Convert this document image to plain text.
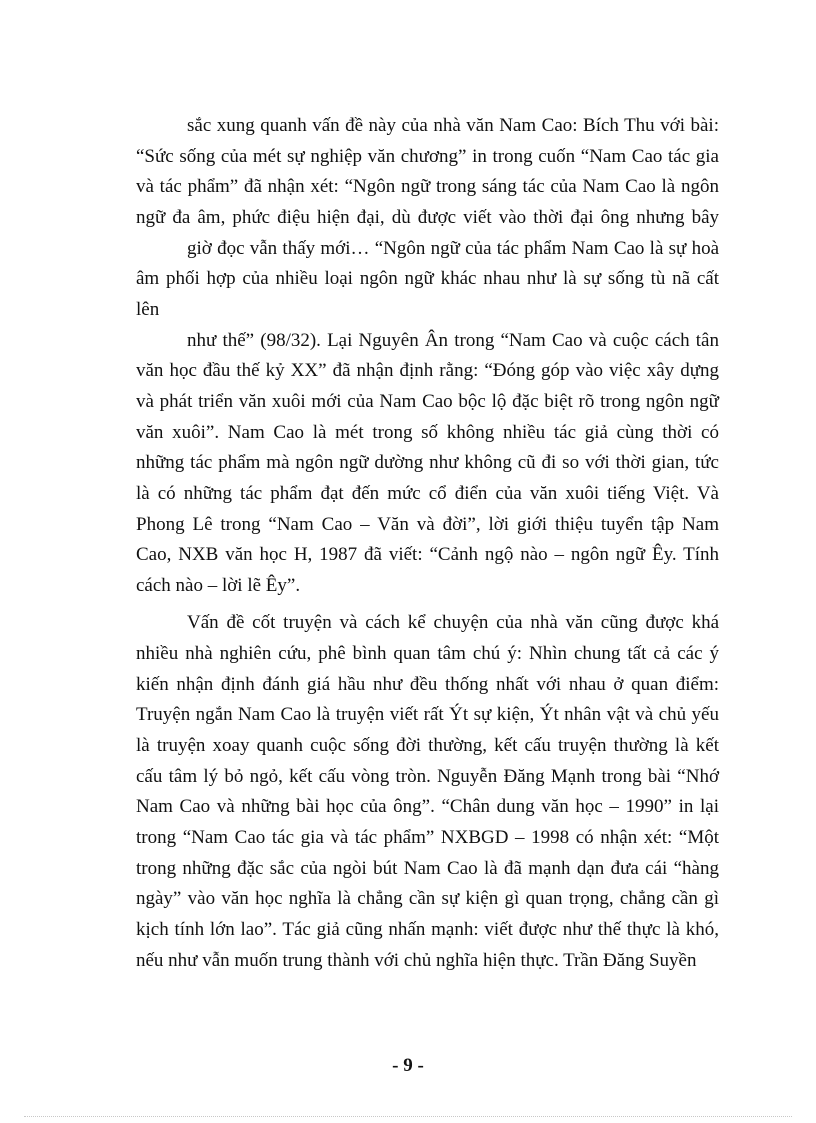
sắc xung quanh vấn đề này của nhà văn Nam Cao: Bích Thu với bài:
“Sức sống của mét sự nghiệp văn chương” in trong cuốn “Nam Cao tác gia
và tác phẩm” đã nhận xét: “Ngôn ngữ trong sáng tác của Nam Cao là ngôn
ngữ đa âm, phức điệu hiện đại, dù được viết vào thời đại ông nhưng bây
giờ đọc vẫn thấy mới… “Ngôn ngữ của tác phẩm Nam Cao là sự hoà
âm phối hợp của nhiều loại ngôn ngữ khác nhau như là sự sống tù nã cất
lên
như thế” (98/32). Lại Nguyên Ân trong “Nam Cao và cuộc cách tân
văn học đầu thế kỷ XX” đã nhận định rằng: “Đóng góp vào việc xây dựng
và phát triển văn xuôi mới của Nam Cao bộc lộ đặc biệt rõ trong ngôn ngữ
văn xuôi”. Nam Cao là mét trong số không nhiều tác giả cùng thời có
những tác phẩm mà ngôn ngữ dường như không cũ đi so với thời gian, tức
là có những tác phẩm đạt đến mức cổ điển của văn xuôi tiếng Việt. Và
Phong Lê trong “Nam Cao – Văn và đời”, lời giới thiệu tuyển tập Nam
Cao, NXB văn học H, 1987 đã viết: “Cảnh ngộ nào – ngôn ngữ Êy. Tính
cách nào – lời lẽ Êy”.
Vấn đề cốt truyện và cách kể chuyện của nhà văn cũng được khá
nhiều nhà nghiên cứu, phê bình quan tâm chú ý: Nhìn chung tất cả các ý
kiến nhận định đánh giá hầu như đều thống nhất với nhau ở quan điểm:
Truyện ngắn Nam Cao là truyện viết rất Ýt sự kiện, Ýt nhân vật và chủ yếu
là truyện xoay quanh cuộc sống đời thường, kết cấu truyện thường là kết
cấu tâm lý bỏ ngỏ, kết cấu vòng tròn. Nguyễn Đăng Mạnh trong bài “Nhớ
Nam Cao và những bài học của ông”. “Chân dung văn học – 1990” in lại
trong “Nam Cao tác gia và tác phẩm” NXBGD – 1998 có nhận xét: “Một
trong những đặc sắc của ngòi bút Nam Cao là đã mạnh dạn đưa cái “hàng
ngày” vào văn học nghĩa là chẳng cần sự kiện gì quan trọng, chẳng cần gì
kịch tính lớn lao”. Tác giả cũng nhấn mạnh: viết được như thế thực là khó,
nếu như vẫn muốn trung thành với chủ nghĩa hiện thực. Trần Đăng Suyền
- 9 -
